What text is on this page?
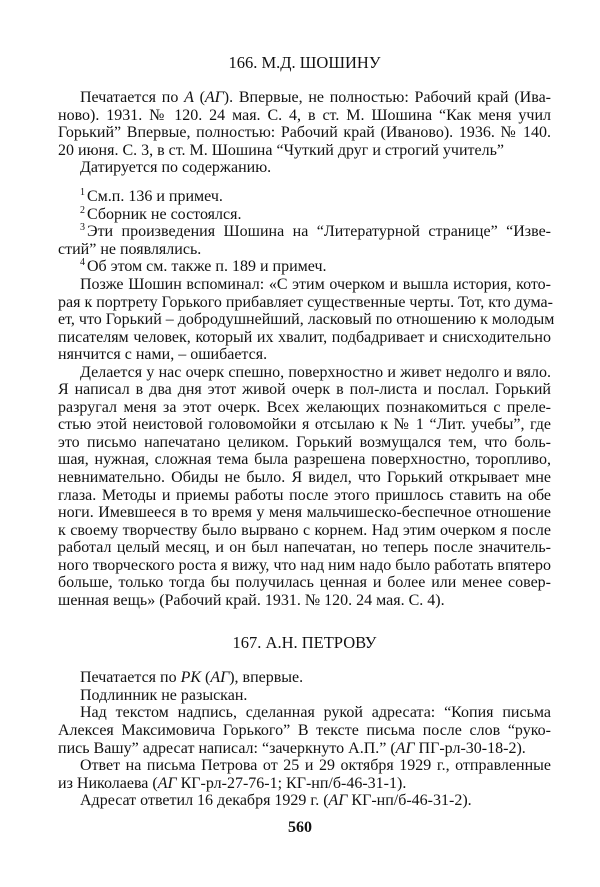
166. М.Д. ШОШИНУ
Печатается по А (АГ). Впервые, не полностью: Рабочий край (Ива-
ново). 1931. № 120. 24 мая. С. 4, в ст. М. Шошина “Как меня учил
Горький” Впервые, полностью: Рабочий край (Иваново). 1936. № 140.
20 июня. С. 3, в ст. М. Шошина “Чуткий друг и строгий учитель”
Датируется по содержанию.
$^1$ См.п. 136 и примеч.
$^2$ Сборник не состоялся.
$^3$ Эти произведения Шошина на “Литературной странице” “Изве-
стий” не появлялись.
$^4$ Об этом см. также п. 189 и примеч.
Позже Шошин вспоминал: «С этим очерком и вышла история, кото-
рая к портрету Горького прибавляет существенные черты. Тот, кто дума-
ет, что Горький – добродушнейший, ласковый по отношению к молодым
писателям человек, который их хвалит, подбадривает и снисходительно
нянчится с нами, – ошибается.
Делается у нас очерк спешно, поверхностно и живет недолго и вяло.
Я написал в два дня этот живой очерк в пол-листа и послал. Горький
разругал меня за этот очерк. Всех желающих познакомиться с преле-
стью этой неистовой головомойки я отсылаю к № 1 “Лит. учебы”, где
это письмо напечатано целиком. Горький возмущался тем, что боль-
шая, нужная, сложная тема была разрешена поверхностно, торопливо,
невнимательно. Обиды не было. Я видел, что Горький открывает мне
глаза. Методы и приемы работы после этого пришлось ставить на обе
ноги. Имевшееся в то время у меня мальчишеско-беспечное отношение
к своему творчеству было вырвано с корнем. Над этим очерком я после
работал целый месяц, и он был напечатан, но теперь после значитель-
ного творческого роста я вижу, что над ним надо было работать впятеро
больше, только тогда бы получилась ценная и более или менее совер-
шенная вещь» (Рабочий край. 1931. № 120. 24 мая. С. 4).
167. А.Н. ПЕТРОВУ
Печатается по РК (АГ), впервые.
Подлинник не разыскан.
Над текстом надпись, сделанная рукой адресата: “Копия письма
Алексея Максимовича Горького” В тексте письма после слов “руко-
пись Вашу” адресат написал: “зачеркнуто А.П.” (АГ ПГ-рл-30-18-2).
Ответ на письма Петрова от 25 и 29 октября 1929 г., отправленные
из Николаева (АГ КГ-рл-27-76-1; КГ-нп/б-46-31-1).
Адресат ответил 16 декабря 1929 г. (АГ КГ-нп/б-46-31-2).
560
